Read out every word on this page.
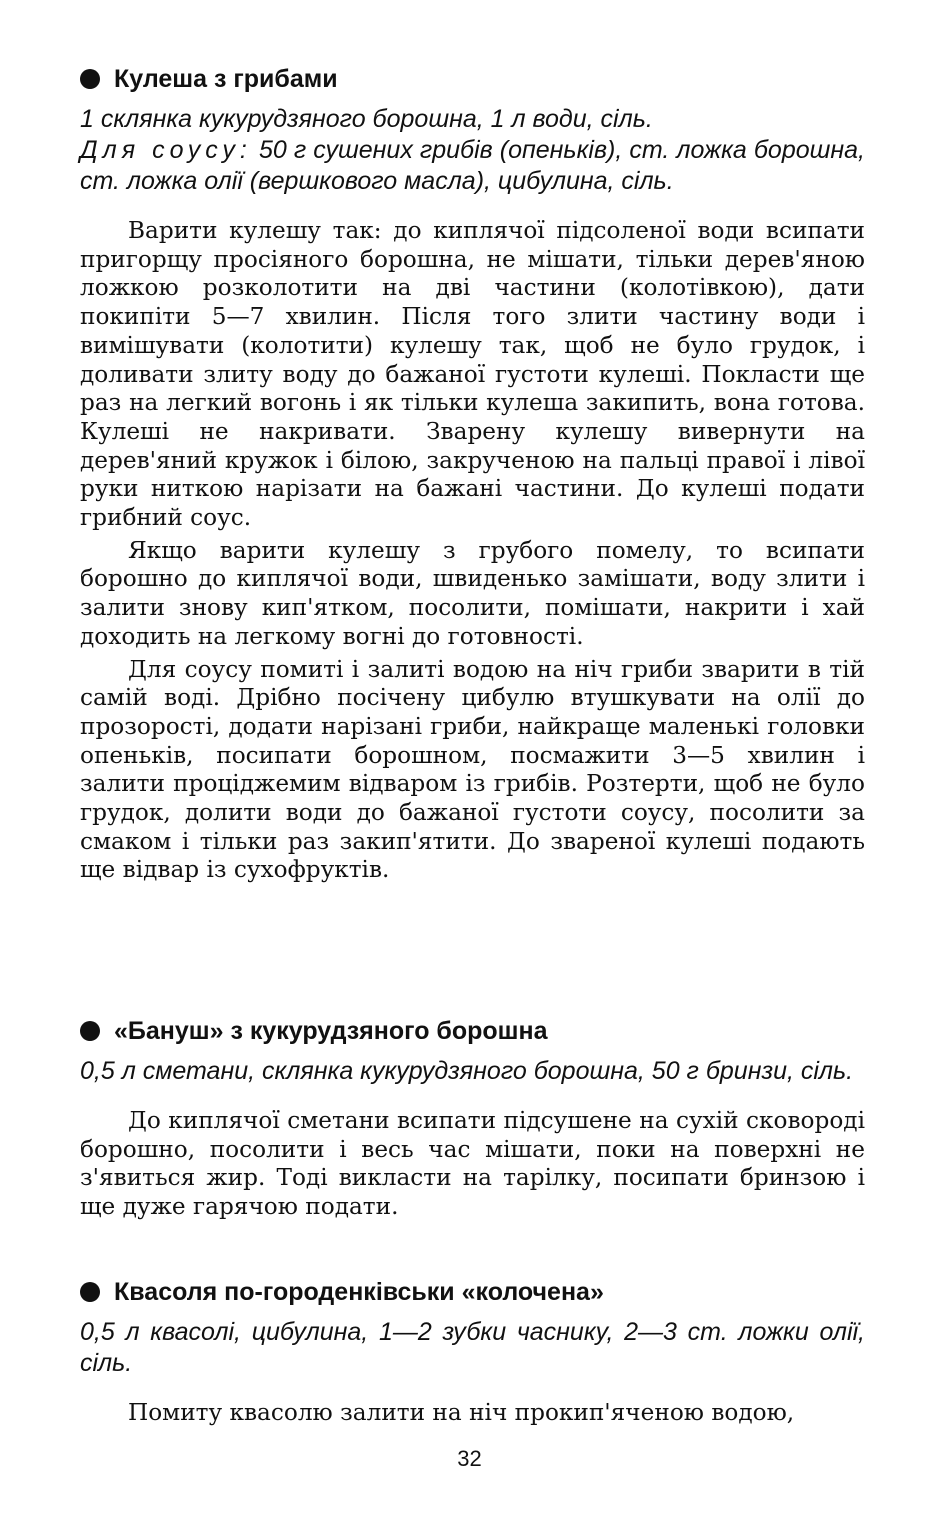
Кулеша з грибами

1 склянка кукурудзяного борошна, 1 л води, сіль.
Для соусу: 50 г сушених грибів (опеньків), ст. ложка борошна, ст. ложка олії (вершкового масла), цибулина, сіль.

Варити кулешу так: до киплячої підсоленої води всипати пригорщу просіяного борошна, не мішати, тільки дерев'яною ложкою розколотити на дві частини (колотівкою), дати покипіти 5—7 хвилин. Після того злити частину води і вимішувати (колотити) кулешу так, щоб не було грудок, і доливати злиту воду до бажаної густоти кулеші. Покласти ще раз на легкий вогонь і як тільки кулеша закипить, вона готова. Кулеші не накривати. Зварену кулешу вивернути на дерев'яний кружок і білою, закрученою на пальці правої і лівої руки ниткою нарізати на бажані частини. До кулеші подати грибний соус.

Якщо варити кулешу з грубого помелу, то всипати борошно до киплячої води, швиденько замішати, воду злити і залити знову кип'ятком, посолити, помішати, накрити і хай доходить на легкому вогні до готовності.

Для соусу помиті і залиті водою на ніч гриби зварити в тій самій воді. Дрібно посічену цибулю втушкувати на олії до прозорості, додати нарізані гриби, найкраще маленькі головки опеньків, посипати борошном, посмажити 3—5 хвилин і залити проціджемим відваром із грибів. Розтерти, щоб не було грудок, долити води до бажаної густоти соусу, посолити за смаком і тільки раз закип'ятити. До звареної кулеші подають ще відвар із сухофруктів.

«Бануш» з кукурудзяного борошна

0,5 л сметани, склянка кукурудзяного борошна, 50 г бринзи, сіль.

До киплячої сметани всипати підсушене на сухій сковороді борошно, посолити і весь час мішати, поки на поверхні не з'явиться жир. Тоді викласти на тарілку, посипати бринзою і ще дуже гарячою подати.

Квасоля по-городенківськи «колочена»

0,5 л квасолі, цибулина, 1—2 зубки часнику, 2—3 ст. ложки олії, сіль.

Помиту квасолю залити на ніч прокип'яченою водою,

32
